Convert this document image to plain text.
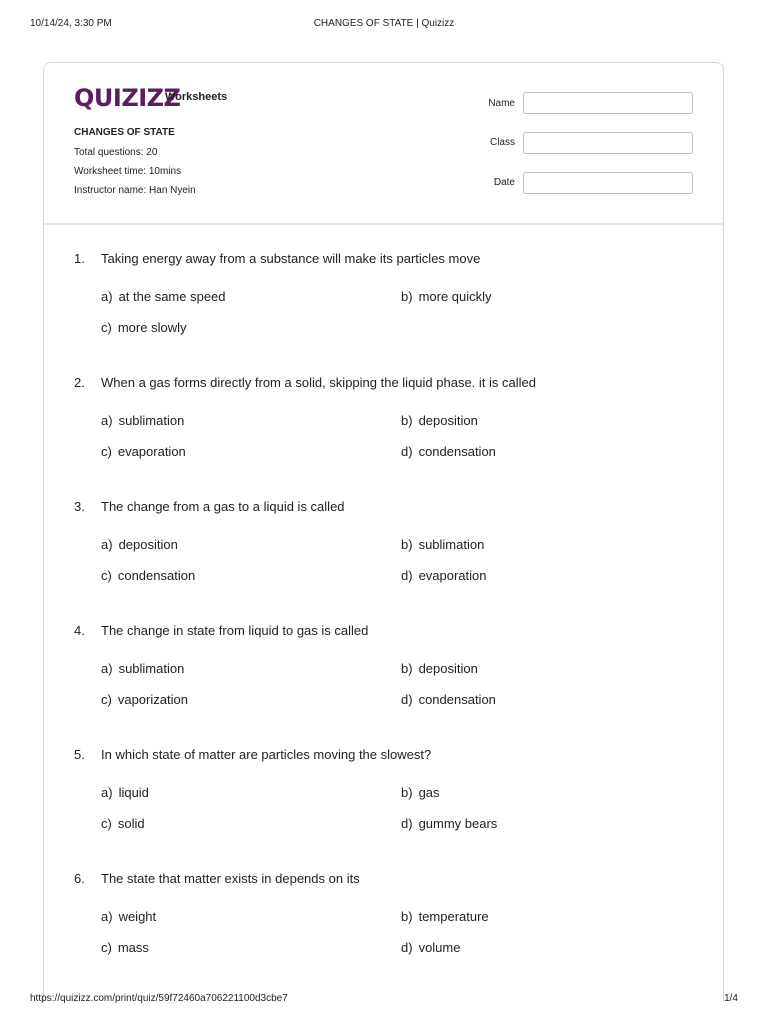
10/14/24, 3:30 PM	CHANGES OF STATE | Quizizz
QUIZIZZ
Worksheets
CHANGES OF STATE
Total questions: 20
Worksheet time: 10mins
Instructor name: Han Nyein
Name
Class
Date
1. Taking energy away from a substance will make its particles move
a) at the same speed	b) more quickly
c) more slowly
2. When a gas forms directly from a solid, skipping the liquid phase. it is called
a) sublimation	b) deposition
c) evaporation	d) condensation
3. The change from a gas to a liquid is called
a) deposition	b) sublimation
c) condensation	d) evaporation
4. The change in state from liquid to gas is called
a) sublimation	b) deposition
c) vaporization	d) condensation
5. In which state of matter are particles moving the slowest?
a) liquid	b) gas
c) solid	d) gummy bears
6. The state that matter exists in depends on its
a) weight	b) temperature
c) mass	d) volume
https://quizizz.com/print/quiz/59f72460a706221100d3cbe7	1/4
